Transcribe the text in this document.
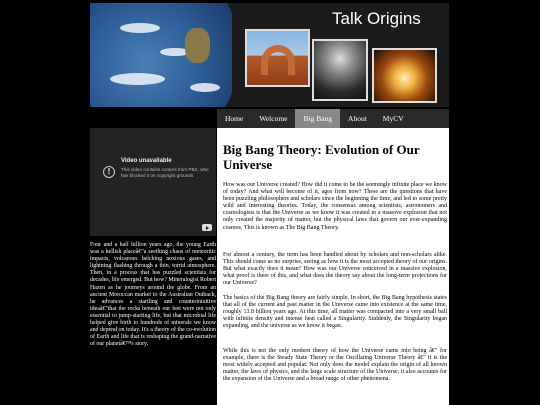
Talk Origins
Home	Welcome	Big Bang	About	MyCV
!
Video unavailable
This video contains content from PBS, who has blocked it on copyright grounds
Big Bang Theory: Evolution of Our Universe
How was our Universe created? How did it come to be the seemingly infinite place we know of today? And what will become of it, ages from now? These are the questions that have been puzzling philosophers and scholars since the beginning the time, and led to some pretty wild and interesting theories. Today, the consensus among scientists, astronomers and cosmologists is that the Universe as we know it was created in a massive explosion that not only created the majority of matter, but the physical laws that govern our ever-expanding cosmos. This is known as The Big Bang Theory.
For almost a century, the term has been bandied about by scholars and non-scholars alike. This should come as no surprise, seeing as how it is the most accepted theory of our origins. But what exactly does it mean? How was our Universe conceived in a massive explosion, what proof is there of this, and what does the theory say about the long-term projections for our Universe?
The basics of the Big Bang theory are fairly simple. In short, the Big Bang hypothesis states that all of the current and past matter in the Universe came into existence at the same time, roughly 13.8 billion years ago. At this time, all matter was compacted into a very small ball with infinite density and intense heat called a Singularity. Suddenly, the Singularity began expanding, and the universe as we know it began.
While this is not the only modern theory of how the Universe came into being â€" for example, there is the Steady State Theory or the Oscillating Universe Theory â€" it is the most widely accepted and popular. Not only does the model explain the origin of all known matter, the laws of physics, and the large scale structure of the Universe, it also accounts for the expansion of the Universe and a broad range of other phenomena.
Four and a half billion years ago, the young Earth was a hellish placeâ€"a seething chaos of meteoritic impacts, volcanoes belching noxious gases, and lightning flashing through a thin, torrid atmosphere. Then, in a process that has puzzled scientists for decades, life emerged. But how? Mineralogist Robert Hazen as he journeys around the globe. From an ancient Moroccan market to the Australian Outback, he advances a startling and counterintuitive ideaâ€"that the rocks beneath our feet were not only essential to jump-starting life, but that microbial life helped give birth to hundreds of minerals we know and depend on today. It's a theory of the co-evolution of Earth and life that is reshaping the grand-narrative of our planetâ€™s story.
